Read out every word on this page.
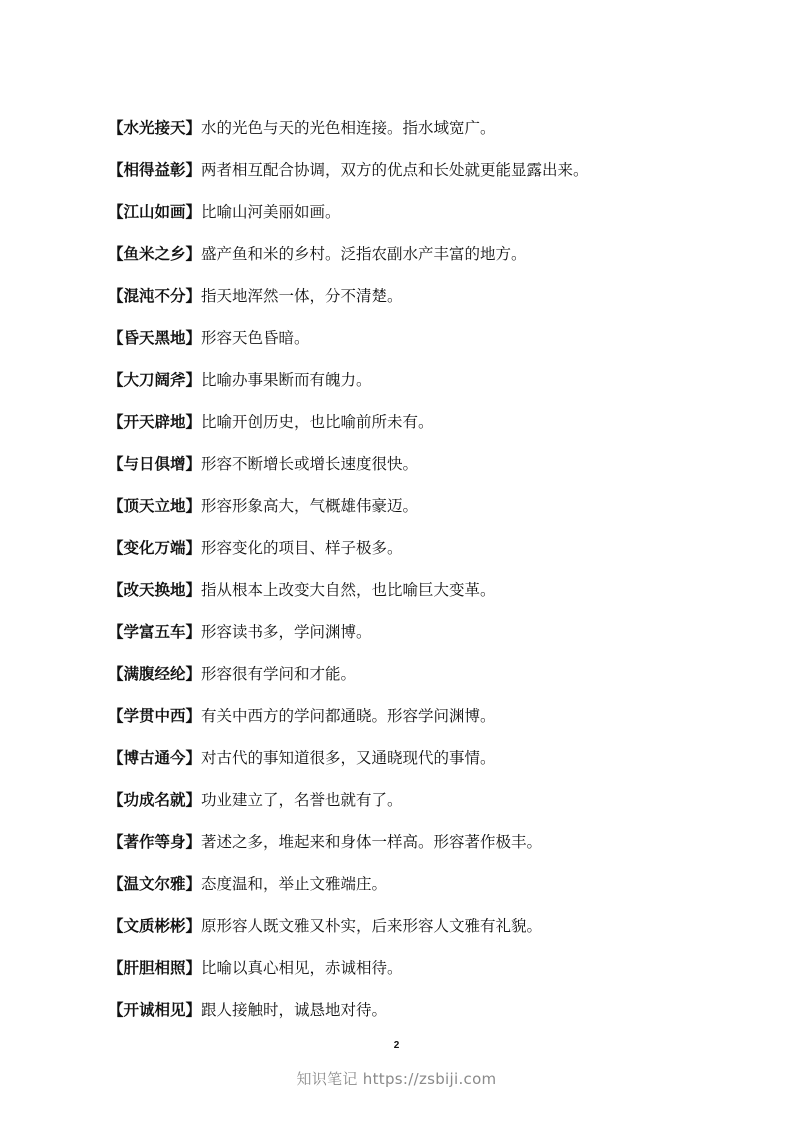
【水光接天】水的光色与天的光色相连接。指水域宽广。
【相得益彰】两者相互配合协调，双方的优点和长处就更能显露出来。
【江山如画】比喻山河美丽如画。
【鱼米之乡】盛产鱼和米的乡村。泛指农副水产丰富的地方。
【混沌不分】指天地浑然一体，分不清楚。
【昏天黑地】形容天色昏暗。
【大刀阔斧】比喻办事果断而有魄力。
【开天辟地】比喻开创历史，也比喻前所未有。
【与日俱增】形容不断增长或增长速度很快。
【顶天立地】形容形象高大，气概雄伟豪迈。
【变化万端】形容变化的项目、样子极多。
【改天换地】指从根本上改变大自然，也比喻巨大变革。
【学富五车】形容读书多，学问渊博。
【满腹经纶】形容很有学问和才能。
【学贯中西】有关中西方的学问都通晓。形容学问渊博。
【博古通今】对古代的事知道很多，又通晓现代的事情。
【功成名就】功业建立了，名誉也就有了。
【著作等身】著述之多，堆起来和身体一样高。形容著作极丰。
【温文尔雅】态度温和，举止文雅端庄。
【文质彬彬】原形容人既文雅又朴实，后来形容人文雅有礼貌。
【肝胆相照】比喻以真心相见，赤诚相待。
【开诚相见】跟人接触时，诚恳地对待。
2
知识笔记 https://zsbiji.com
